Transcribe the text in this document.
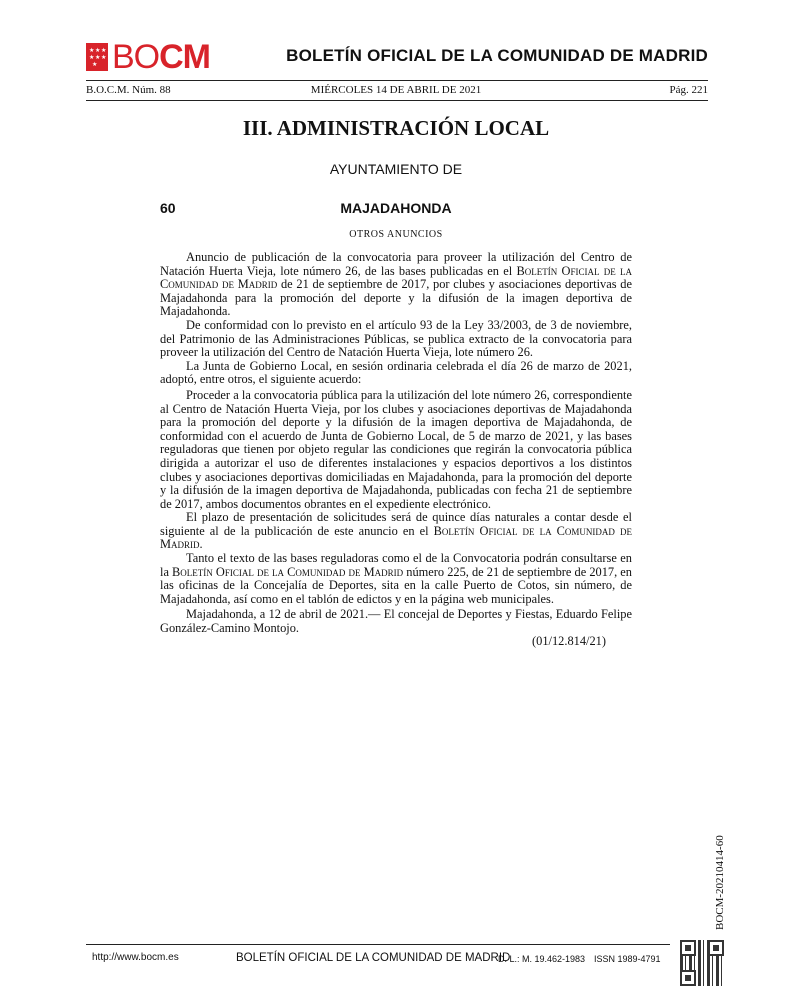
★ ★ ★
★ ★ ★
★ BOCM	BOLETÍN OFICIAL DE LA COMUNIDAD DE MADRID
B.O.C.M. Núm. 88	MIÉRCOLES 14 DE ABRIL DE 2021	Pág. 221
III. ADMINISTRACIÓN LOCAL
AYUNTAMIENTO DE
60	MAJADAHONDA
OTROS ANUNCIOS

Anuncio de publicación de la convocatoria para proveer la utilización del Centro de Natación Huerta Vieja, lote número 26, de las bases publicadas en el Boletín Oficial de la Comunidad de Madrid de 21 de septiembre de 2017, por clubes y asociaciones deportivas de Majadahonda para la promoción del deporte y la difusión de la imagen deportiva de Majadahonda.

De conformidad con lo previsto en el artículo 93 de la Ley 33/2003, de 3 de noviembre, del Patrimonio de las Administraciones Públicas, se publica extracto de la convocatoria para proveer la utilización del Centro de Natación Huerta Vieja, lote número 26.

La Junta de Gobierno Local, en sesión ordinaria celebrada el día 26 de marzo de 2021, adoptó, entre otros, el siguiente acuerdo:

Proceder a la convocatoria pública para la utilización del lote número 26, correspondiente al Centro de Natación Huerta Vieja, por los clubes y asociaciones deportivas de Majadahonda para la promoción del deporte y la difusión de la imagen deportiva de Majadahonda, de conformidad con el acuerdo de Junta de Gobierno Local, de 5 de marzo de 2021, y las bases reguladoras que tienen por objeto regular las condiciones que regirán la convocatoria pública dirigida a autorizar el uso de diferentes instalaciones y espacios deportivos a los distintos clubes y asociaciones deportivas domiciliadas en Majadahonda, para la promoción del deporte y la difusión de la imagen deportiva de Majadahonda, publicadas con fecha 21 de septiembre de 2017, ambos documentos obrantes en el expediente electrónico.

El plazo de presentación de solicitudes será de quince días naturales a contar desde el siguiente al de la publicación de este anuncio en el Boletín Oficial de la Comunidad de Madrid.

Tanto el texto de las bases reguladoras como el de la Convocatoria podrán consultarse en la Boletín Oficial de la Comunidad de Madrid número 225, de 21 de septiembre de 2017, en las oficinas de la Concejalía de Deportes, sita en la calle Puerto de Cotos, sin número, de Majadahonda, así como en el tablón de edictos y en la página web municipales.

Majadahonda, a 12 de abril de 2021.— El concejal de Deportes y Fiestas, Eduardo Felipe González-Camino Montojo.

(01/12.814/21)
BOCM-20210414-60
http://www.bocm.es	BOLETÍN OFICIAL DE LA COMUNIDAD DE MADRID
D. L.: M. 19.462-1983 ISSN 1989-4791
